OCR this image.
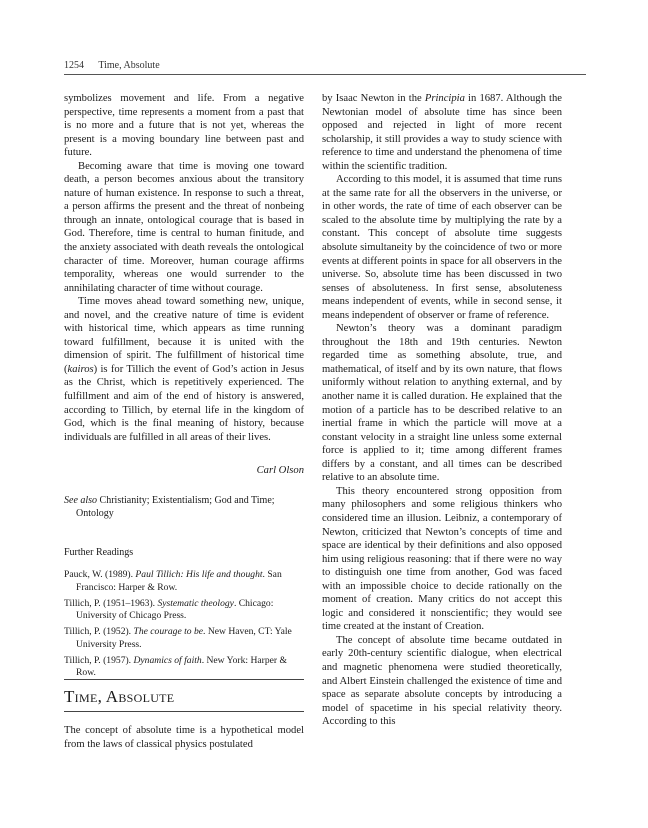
1254 Time, Absolute

symbolizes movement and life. From a negative perspective, time represents a moment from a past that is no more and a future that is not yet, whereas the present is a moving boundary line between past and future.

Becoming aware that time is moving one toward death, a person becomes anxious about the transitory nature of human existence. In response to such a threat, a person affirms the present and the threat of nonbeing through an innate, ontological courage that is based in God. Therefore, time is central to human finitude, and the anxiety associated with death reveals the ontological character of time. Moreover, human courage affirms temporality, whereas one would surrender to the annihilating character of time without courage.

Time moves ahead toward something new, unique, and novel, and the creative nature of time is evident with historical time, which appears as time running toward fulfillment, because it is united with the dimension of spirit. The fulfillment of historical time (kairos) is for Tillich the event of God’s action in Jesus as the Christ, which is repetitively experienced. The fulfillment and aim of the end of history is answered, according to Tillich, by eternal life in the kingdom of God, which is the final meaning of history, because individuals are fulfilled in all areas of their lives.

Carl Olson

See also Christianity; Existentialism; God and Time; Ontology

Further Readings

Pauck, W. (1989). Paul Tillich: His life and thought. San Francisco: Harper & Row.

Tillich, P. (1951–1963). Systematic theology. Chicago: University of Chicago Press.

Tillich, P. (1952). The courage to be. New Haven, CT: Yale University Press.

Tillich, P. (1957). Dynamics of faith. New York: Harper & Row.

Time, Absolute

The concept of absolute time is a hypothetical model from the laws of classical physics postulated

by Isaac Newton in the Principia in 1687. Although the Newtonian model of absolute time has since been opposed and rejected in light of more recent scholarship, it still provides a way to study science with reference to time and understand the phenomena of time within the scientific tradition.

According to this model, it is assumed that time runs at the same rate for all the observers in the universe, or in other words, the rate of time of each observer can be scaled to the absolute time by multiplying the rate by a constant. This concept of absolute time suggests absolute simultaneity by the coincidence of two or more events at different points in space for all observers in the universe. So, absolute time has been discussed in two senses of absoluteness. In first sense, absoluteness means independent of events, while in second sense, it means independent of observer or frame of reference.

Newton’s theory was a dominant paradigm throughout the 18th and 19th centuries. Newton regarded time as something absolute, true, and mathematical, of itself and by its own nature, that flows uniformly without relation to anything external, and by another name it is called duration. He explained that the motion of a particle has to be described relative to an inertial frame in which the particle will move at a constant velocity in a straight line unless some external force is applied to it; time among different frames differs by a constant, and all times can be described relative to an absolute time.

This theory encountered strong opposition from many philosophers and some religious thinkers who considered time an illusion. Leibniz, a contemporary of Newton, criticized that Newton’s concepts of time and space are identical by their definitions and also opposed him using religious reasoning: that if there were no way to distinguish one time from another, God was faced with an impossible choice to decide rationally on the moment of creation. Many critics do not accept this logic and considered it nonscientific; they would see time created at the instant of Creation.

The concept of absolute time became outdated in early 20th-century scientific dialogue, when electrical and magnetic phenomena were studied theoretically, and Albert Einstein challenged the existence of time and space as separate absolute concepts by introducing a model of spacetime in his special relativity theory. According to this
